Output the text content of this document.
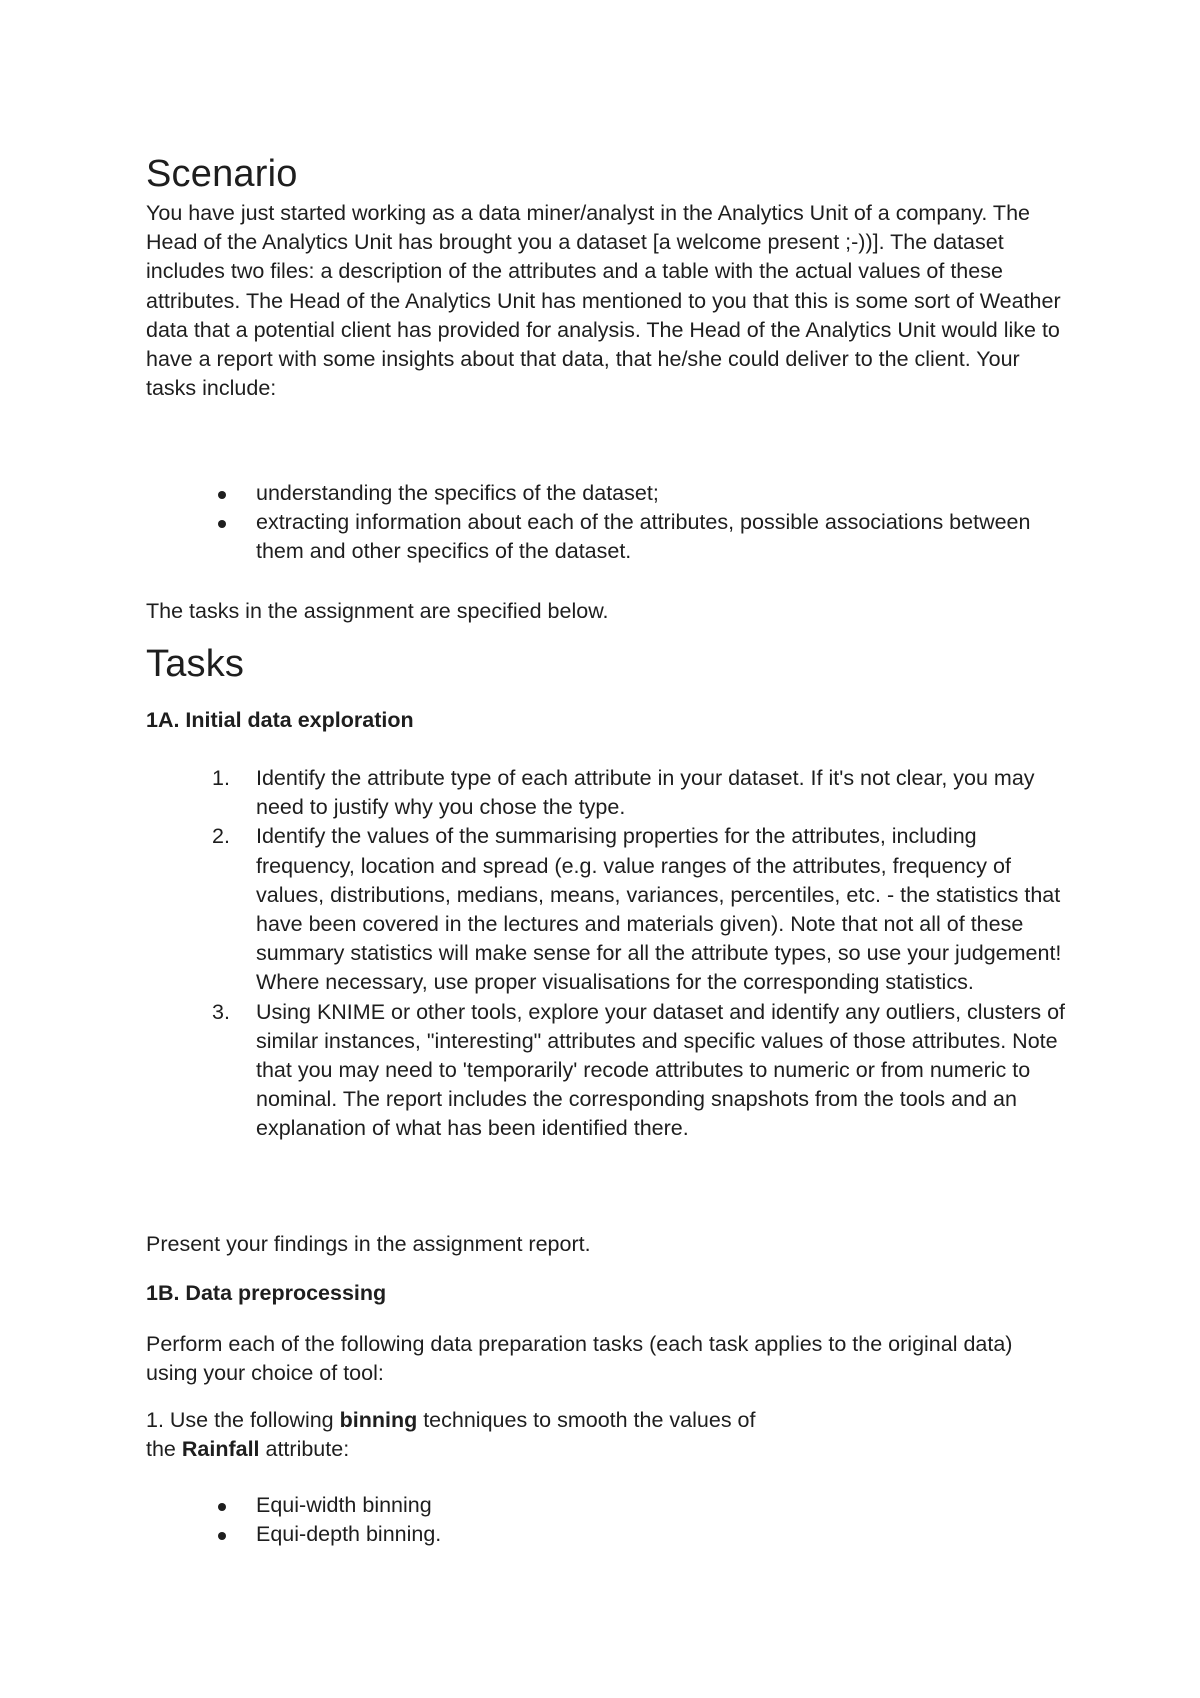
Scenario

You have just started working as a data miner/analyst in the Analytics Unit of a company. The Head of the Analytics Unit has brought you a dataset [a welcome present ;-))]. The dataset includes two files: a description of the attributes and a table with the actual values of these attributes. The Head of the Analytics Unit has mentioned to you that this is some sort of Weather data that a potential client has provided for analysis. The Head of the Analytics Unit would like to have a report with some insights about that data, that he/she could deliver to the client. Your tasks include:

understanding the specifics of the dataset;
extracting information about each of the attributes, possible associations between them and other specifics of the dataset.

The tasks in the assignment are specified below.

Tasks
1A. Initial data exploration
1. Identify the attribute type of each attribute in your dataset. If it's not clear, you may need to justify why you chose the type.
2. Identify the values of the summarising properties for the attributes, including frequency, location and spread (e.g. value ranges of the attributes, frequency of values, distributions, medians, means, variances, percentiles, etc. - the statistics that have been covered in the lectures and materials given). Note that not all of these summary statistics will make sense for all the attribute types, so use your judgement! Where necessary, use proper visualisations for the corresponding statistics.
3. Using KNIME or other tools, explore your dataset and identify any outliers, clusters of similar instances, "interesting" attributes and specific values of those attributes. Note that you may need to 'temporarily' recode attributes to numeric or from numeric to nominal. The report includes the corresponding snapshots from the tools and an explanation of what has been identified there.

Present your findings in the assignment report.

1B. Data preprocessing

Perform each of the following data preparation tasks (each task applies to the original data) using your choice of tool:

1. Use the following binning techniques to smooth the values of
the Rainfall attribute:

Equi-width binning
Equi-depth binning.
